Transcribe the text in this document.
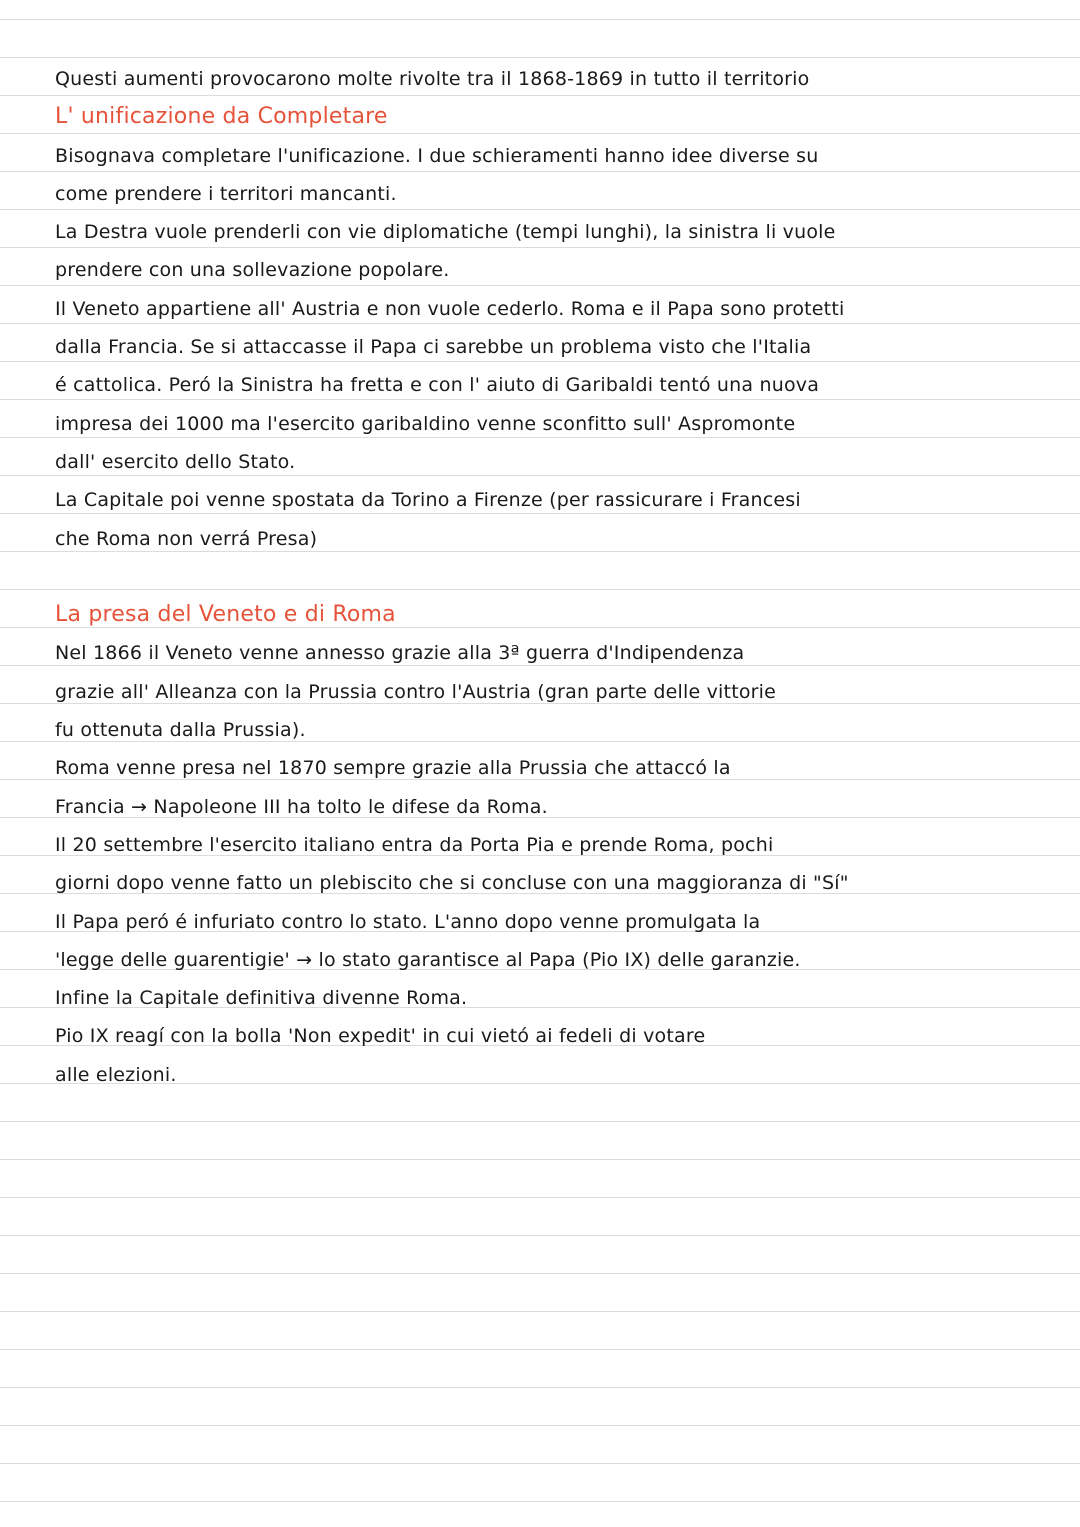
Questi aumenti provocarono molte rivolte tra il 1868-1869 in tutto il territorio
L' unificazione da Completare
Bisognava completare l'unificazione. I due schieramenti hanno idee diverse su
come prendere i territori mancanti.
La Destra vuole prenderli con vie diplomatiche (tempi lunghi), la sinistra li vuole
prendere con una sollevazione popolare.
Il Veneto appartiene all' Austria e non vuole cederlo. Roma e il Papa sono protetti
dalla Francia. Se si attaccasse il Papa ci sarebbe un problema visto che l'Italia
é cattolica. Peró la Sinistra ha fretta e con l' aiuto di Garibaldi tentó una nuova
impresa dei 1000 ma l'esercito garibaldino venne sconfitto sull' Aspromonte
dall' esercito dello Stato.
La Capitale poi venne spostata da Torino a Firenze (per rassicurare i Francesi
che Roma non verrá Presa)
La presa del Veneto e di Roma
Nel 1866 il Veneto venne annesso grazie alla 3ª guerra d'Indipendenza
grazie all' Alleanza con la Prussia contro l'Austria (gran parte delle vittorie
fu ottenuta dalla Prussia).
Roma venne presa nel 1870 sempre grazie alla Prussia che attaccó la
Francia → Napoleone III ha tolto le difese da Roma.
Il 20 settembre l'esercito italiano entra da Porta Pia e prende Roma, pochi
giorni dopo venne fatto un plebiscito che si concluse con una maggioranza di "Sí"
Il Papa peró é infuriato contro lo stato. L'anno dopo venne promulgata la
'legge delle guarentigie' → lo stato garantisce al Papa (Pio IX) delle garanzie.
Infine la Capitale definitiva divenne Roma.
Pio IX reagí con la bolla 'Non expedit' in cui vietó ai fedeli di votare
alle elezioni.
